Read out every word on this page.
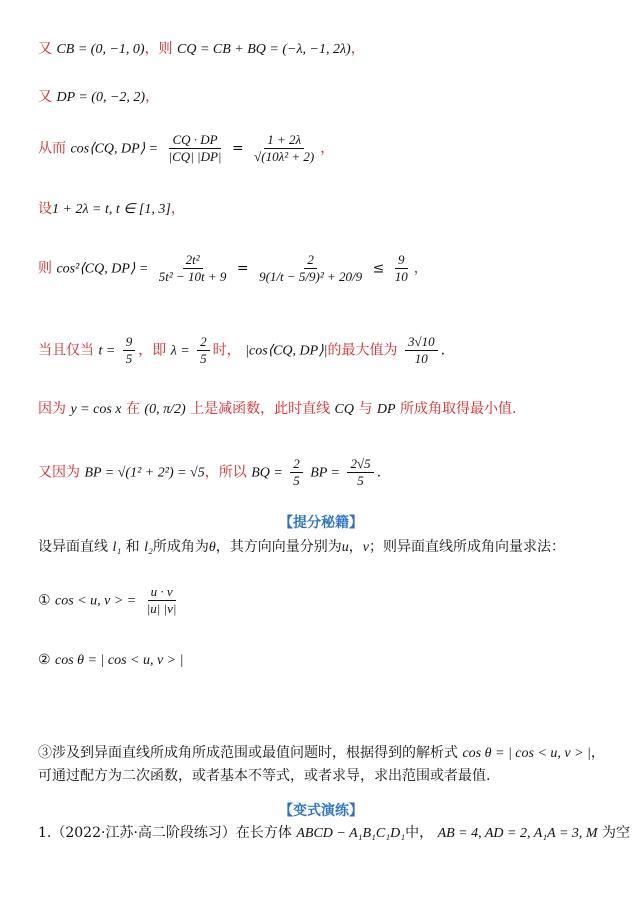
又 CB = (0, −1, 0)，则 CQ = CB + BQ = (−λ, −1, 2λ)，
又 DP = (0, −2, 2)，
从而 cos⟨CQ, DP⟩ = $\frac{CQ \cdot DP}{|CQ| |DP|} = \frac{1 + 2\lambda}{\text{√(10λ² + 2)}}$ ，
设1 + 2λ = t, t ∈ [1, 3]，
则 cos²⟨CQ, DP⟩ = $\frac{\text{2t²}}{\text{5t² − 10t + 9}} = \frac{2}{\text{9(1/t − 5/9)² + 20/9}} \le \frac{9}{10}$ ，
当且仅当 $t = \frac{9}{5}$ ，即 $\lambda = \frac{2}{5}$ 时， |cos⟨CQ, DP⟩|的最大值为 $\frac{3√10}{10}$ .
因为 y = cos x 在 (0, π/2) 上是减函数，此时直线 CQ 与 DP 所成角取得最小值.
又因为 BP = √(1² + 2²) = √5，所以 BQ = $\frac{2}{5}$ BP = $\frac{2√5}{5}$ .
【提分秘籍】
设异面直线 l₁ 和 l₂所成角为θ，其方向向量分别为u，v；则异面直线所成角向量求法：
① cos < u, v > = $\frac{u \cdot v}{|u| |v|}$
② cos θ = | cos < u, v > |
③涉及到异面直线所成角所成范围或最值问题时，根据得到的解析式 cos θ = | cos < u, v > |，可通过配方为二次函数，或者基本不等式，或者求导，求出范围或者最值.
【变式演练】
1.（2022·江苏·高二阶段练习）在长方体 ABCD − A₁B₁C₁D₁中， AB = 4, AD = 2, A₁A = 3, M 为空
